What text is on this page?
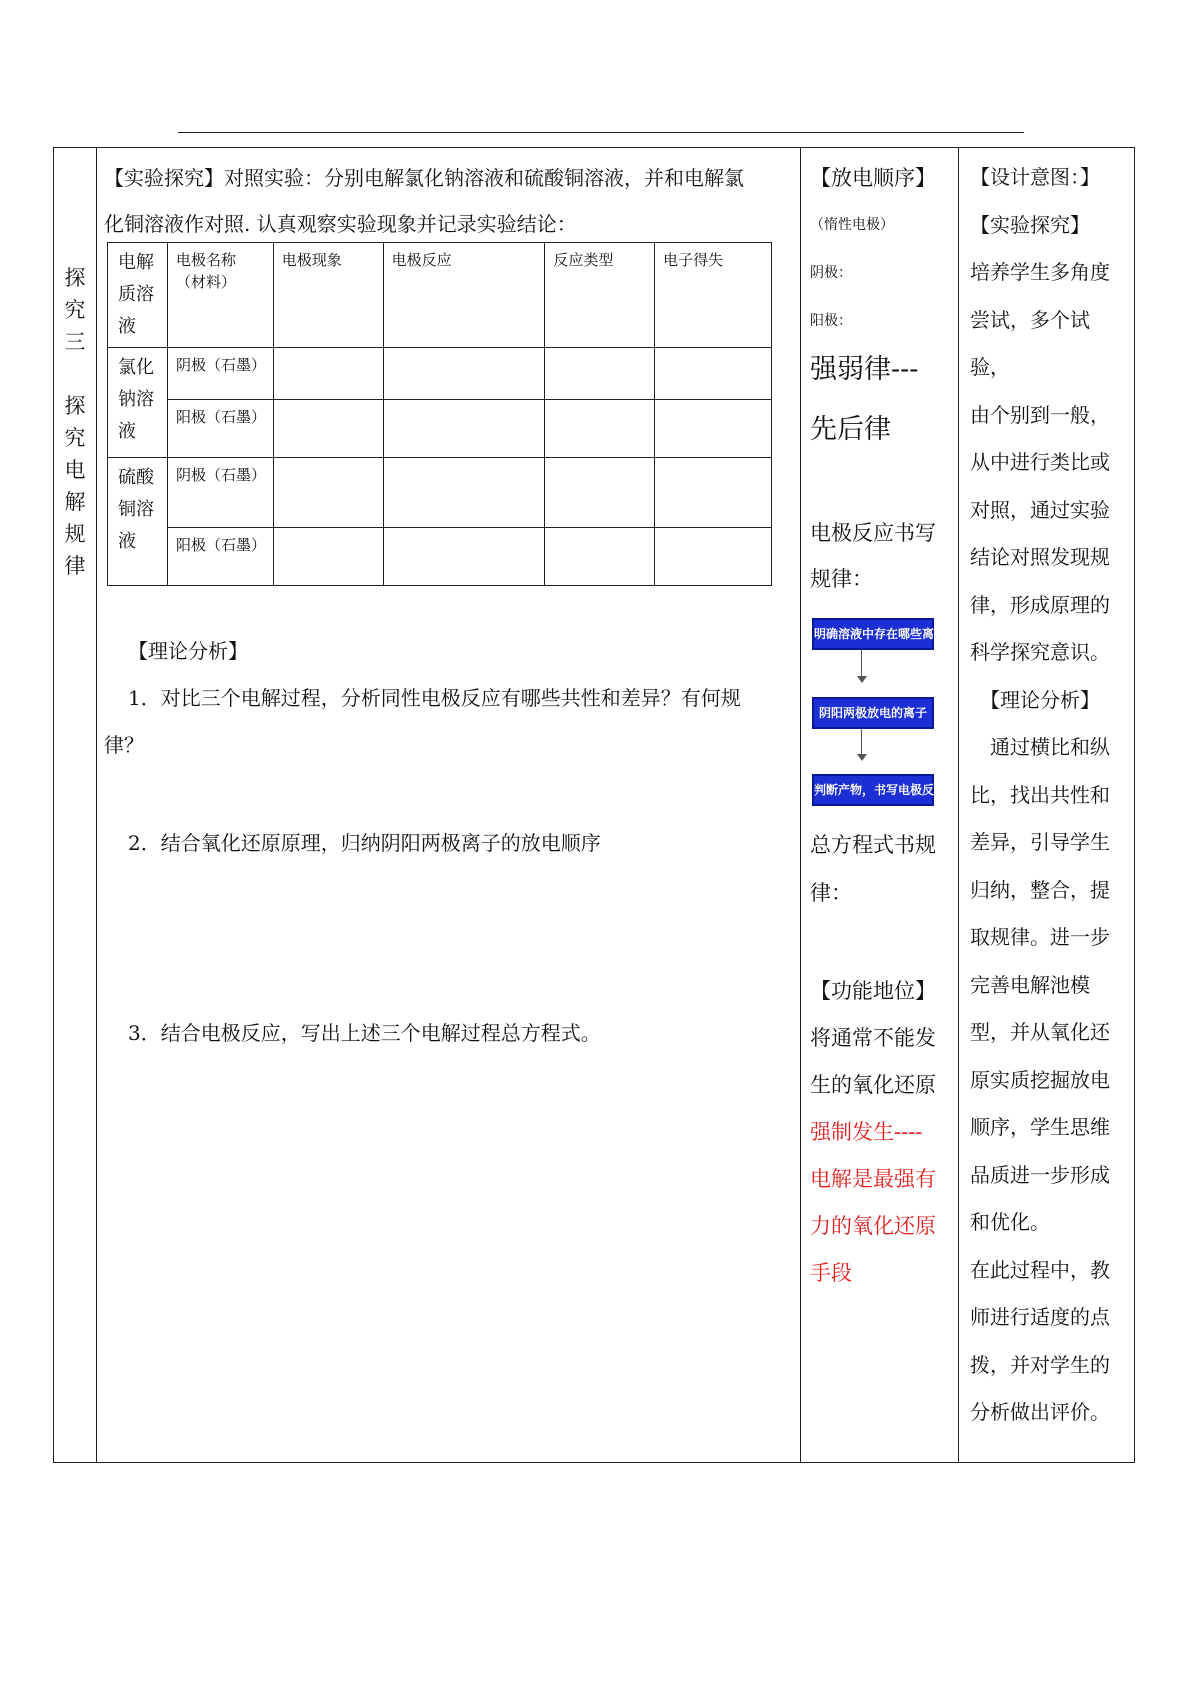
探
究
三

探
究
电
解
规
律

【实验探究】对照实验：分别电解氯化钠溶液和硫酸铜溶液，并和电解氯

化铜溶液作对照. 认真观察实验现象并记录实验结论：

电解质溶液	电极名称（材料）	电极现象	电极反应	反应类型	电子得失
氯化钠溶液	阴极（石墨）				
	阳极（石墨）				
硫酸铜溶液	阴极（石墨）				
	阳极（石墨）				
【理论分析】
1．对比三个电解过程，分析同性电极反应有哪些共性和差异？有何规
律？
2．结合氧化还原原理，归纳阴阳两极离子的放电顺序
3．结合电极反应，写出上述三个电解过程总方程式。
【放电顺序】
（惰性电极）
阴极：
阳极：
强弱律---
先后律
电极反应书写
规律：
明确溶液中存在哪些离子
阴阳两极放电的离子
判断产物，书写电极反应式
总方程式书规
律：
【功能地位】
将通常不能发
生的氧化还原
强制发生----
电解是最强有
力的氧化还原
手段
【设计意图：】
【实验探究】
培养学生多角度
尝试，多个试验，
由个别到一般，
从中进行类比或
对照，通过实验
结论对照发现规
律，形成原理的
科学探究意识。
　【理论分析】
　通过横比和纵
比，找出共性和
差异，引导学生
归纳，整合，提
取规律。进一步
完善电解池模
型，并从氧化还
原实质挖掘放电
顺序，学生思维
品质进一步形成
和优化。
在此过程中，教
师进行适度的点
拨，并对学生的
分析做出评价。
